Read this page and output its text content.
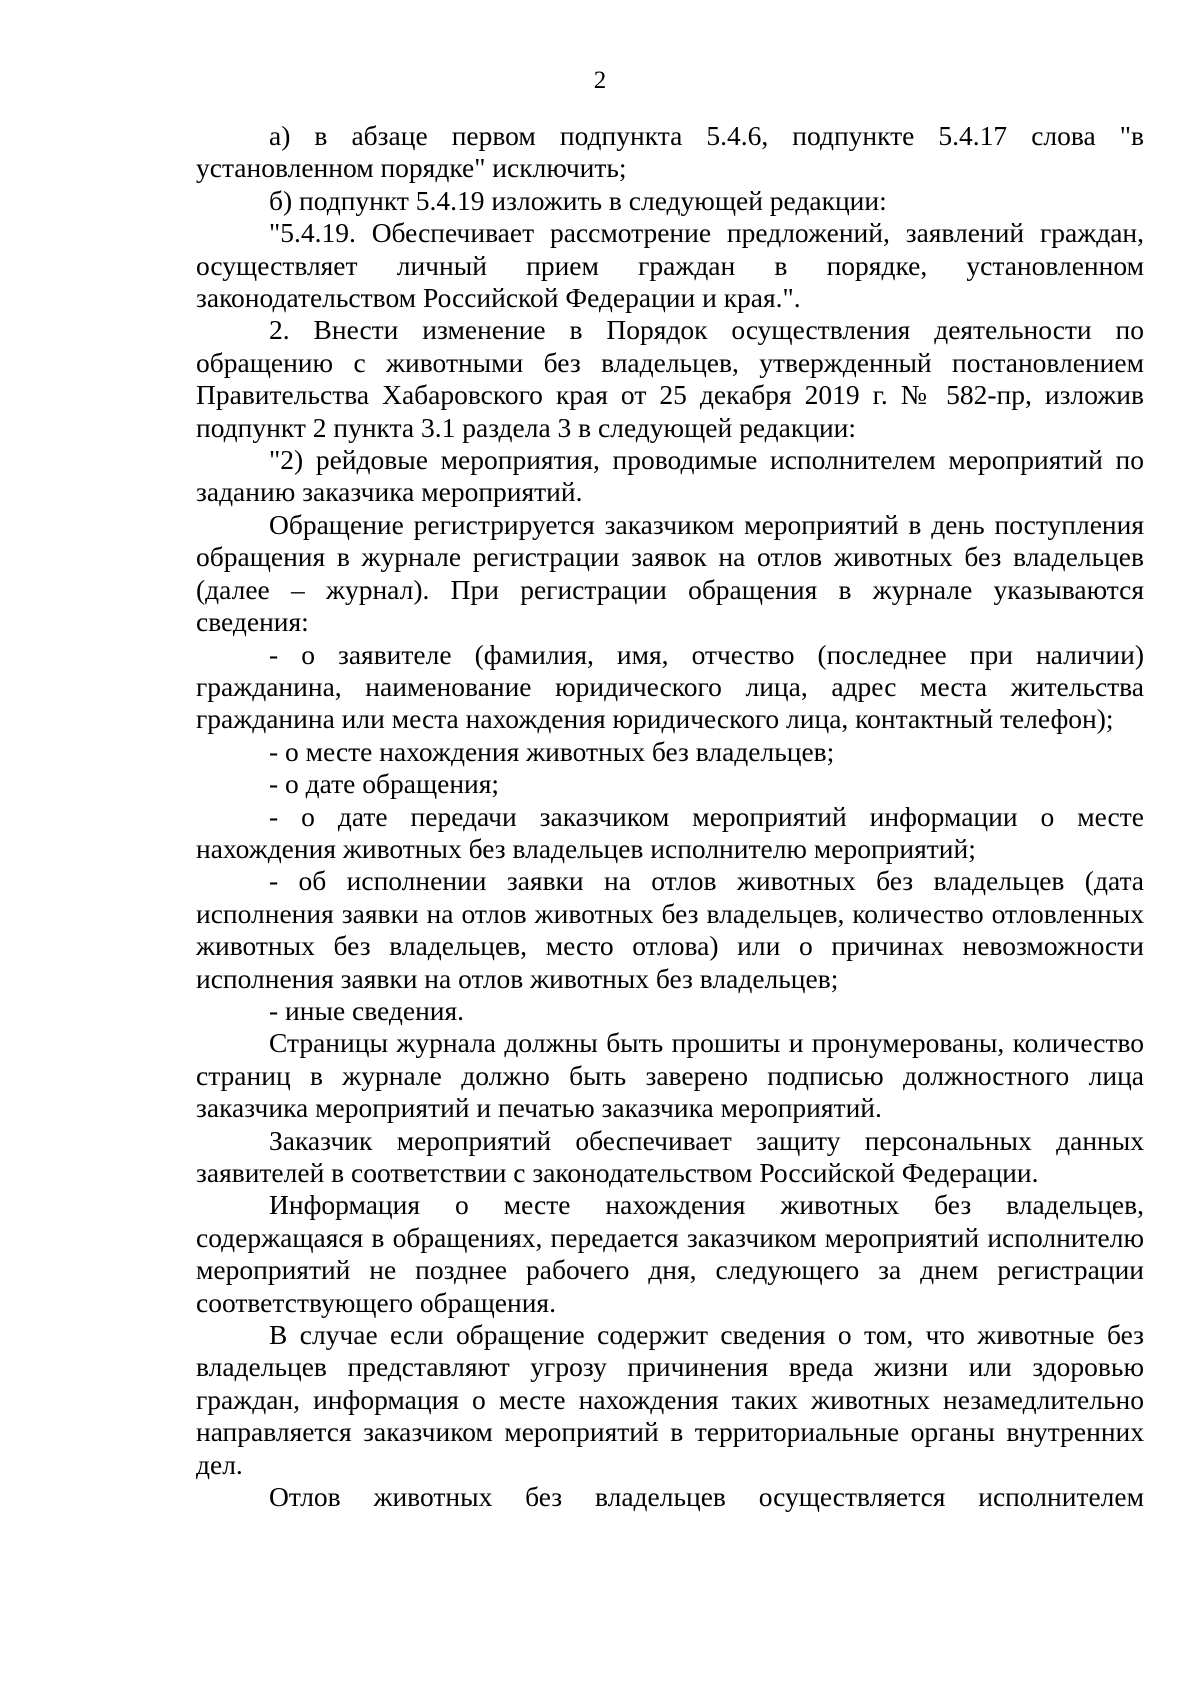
2

а) в абзаце первом подпункта 5.4.6, подпункте 5.4.17 слова "в установленном порядке" исключить;

б) подпункт 5.4.19 изложить в следующей редакции:

"5.4.19. Обеспечивает рассмотрение предложений, заявлений граждан, осуществляет личный прием граждан в порядке, установленном законодательством Российской Федерации и края.".

2. Внести изменение в Порядок осуществления деятельности по обращению с животными без владельцев, утвержденный постановлением Правительства Хабаровского края от 25 декабря 2019 г. № 582-пр, изложив подпункт 2 пункта 3.1 раздела 3 в следующей редакции:

"2) рейдовые мероприятия, проводимые исполнителем мероприятий по заданию заказчика мероприятий.

Обращение регистрируется заказчиком мероприятий в день поступления обращения в журнале регистрации заявок на отлов животных без владельцев (далее – журнал). При регистрации обращения в журнале указываются сведения:

- о заявителе (фамилия, имя, отчество (последнее при наличии) гражданина, наименование юридического лица, адрес места жительства гражданина или места нахождения юридического лица, контактный телефон);

- о месте нахождения животных без владельцев;

- о дате обращения;

- о дате передачи заказчиком мероприятий информации о месте нахождения животных без владельцев исполнителю мероприятий;

- об исполнении заявки на отлов животных без владельцев (дата исполнения заявки на отлов животных без владельцев, количество отловленных животных без владельцев, место отлова) или о причинах невозможности исполнения заявки на отлов животных без владельцев;

- иные сведения.

Страницы журнала должны быть прошиты и пронумерованы, количество страниц в журнале должно быть заверено подписью должностного лица заказчика мероприятий и печатью заказчика мероприятий.

Заказчик мероприятий обеспечивает защиту персональных данных заявителей в соответствии с законодательством Российской Федерации.

Информация о месте нахождения животных без владельцев, содержащаяся в обращениях, передается заказчиком мероприятий исполнителю мероприятий не позднее рабочего дня, следующего за днем регистрации соответствующего обращения.

В случае если обращение содержит сведения о том, что животные без владельцев представляют угрозу причинения вреда жизни или здоровью граждан, информация о месте нахождения таких животных незамедлительно направляется заказчиком мероприятий в территориальные органы внутренних дел.

Отлов животных без владельцев осуществляется исполнителем
